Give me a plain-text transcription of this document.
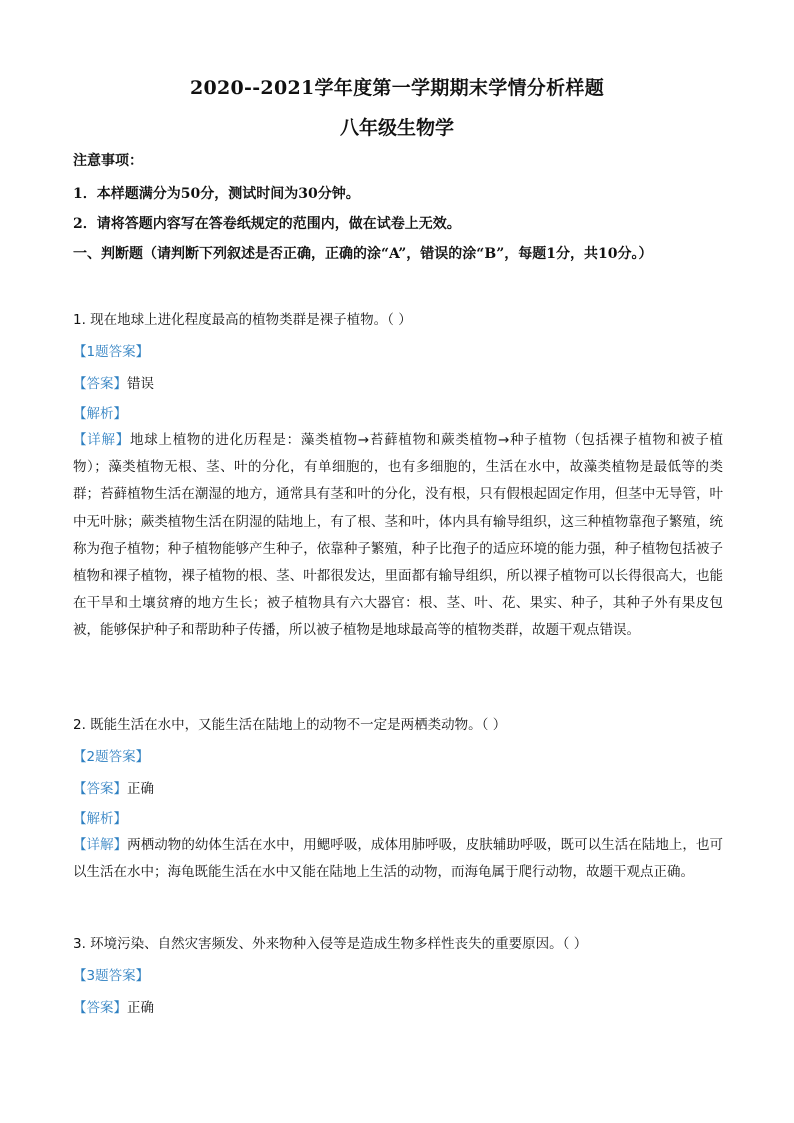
2020--2021学年度第一学期期末学情分析样题
八年级生物学
注意事项：
1．本样题满分为50分，测试时间为30分钟。
2．请将答题内容写在答卷纸规定的范围内，做在试卷上无效。

一、判断题（请判断下列叙述是否正确，正确的涂“A”，错误的涂“B”，每题1分，共10分。）

1. 现在地球上进化程度最高的植物类群是裸子植物。（ ）
【1题答案】
【答案】错误
【解析】

【详解】地球上植物的进化历程是：藻类植物→苔藓植物和蕨类植物→种子植物（包括裸子植物和被子植物）；藻类植物无根、茎、叶的分化，有单细胞的，也有多细胞的，生活在水中，故藻类植物是最低等的类群；苔藓植物生活在潮湿的地方，通常具有茎和叶的分化，没有根，只有假根起固定作用，但茎中无导管，叶中无叶脉；蕨类植物生活在阴湿的陆地上，有了根、茎和叶，体内具有输导组织，这三种植物靠孢子繁殖，统称为孢子植物；种子植物能够产生种子，依靠种子繁殖，种子比孢子的适应环境的能力强，种子植物包括被子植物和裸子植物，裸子植物的根、茎、叶都很发达，里面都有输导组织，所以裸子植物可以长得很高大，也能在干旱和土壤贫瘠的地方生长；被子植物具有六大器官：根、茎、叶、花、果实、种子，其种子外有果皮包被，能够保护种子和帮助种子传播，所以被子植物是地球最高等的植物类群，故题干观点错误。

2. 既能生活在水中，又能生活在陆地上的动物不一定是两栖类动物。（ ）
【2题答案】
【答案】正确
【解析】

【详解】两栖动物的幼体生活在水中，用鳃呼吸，成体用肺呼吸，皮肤辅助呼吸，既可以生活在陆地上，也可以生活在水中；海龟既能生活在水中又能在陆地上生活的动物，而海龟属于爬行动物，故题干观点正确。

3. 环境污染、自然灾害频发、外来物种入侵等是造成生物多样性丧失的重要原因。（ ）
【3题答案】
【答案】正确
